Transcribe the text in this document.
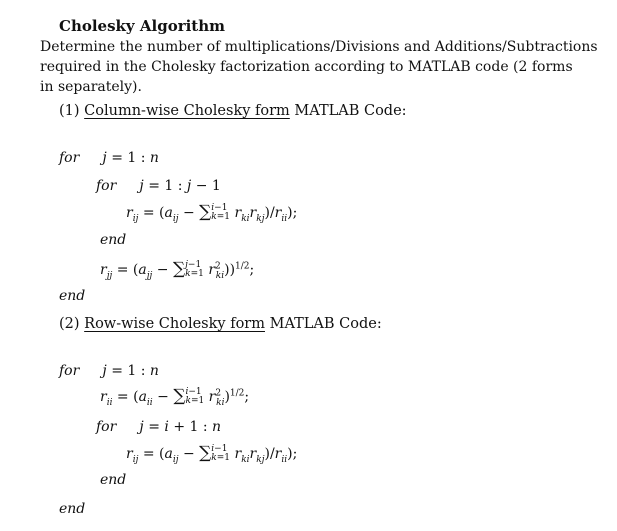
Cholesky Algorithm
Determine the number of multiplications/Divisions and Additions/Subtractions
required in the Cholesky factorization according to MATLAB code (2 forms
in separately).
(1) Column-wise Cholesky form MATLAB Code:
for j = 1 : n
for j = 1 : j − 1
$r_{ij} = (a_{ij}$ − ∑ i−1
k=1 $r_{ki}r_{kj})/r_{ii}$);
end
$r_{jj} = (a_{jj}$ − ∑ j−1
k=1 $r^2_{ki}))^{1/2}$;
end
(2) Row-wise Cholesky form MATLAB Code:
for j = 1 : n
$r_{ii} = (a_{ii}$ − ∑ i−1
k=1 $r^2_{ki})^{1/2}$;
for j = i + 1 : n
$r_{ij} = (a_{ij}$ − ∑ i−1
k=1 $r_{ki}r_{kj})/r_{ii}$);
end
end
